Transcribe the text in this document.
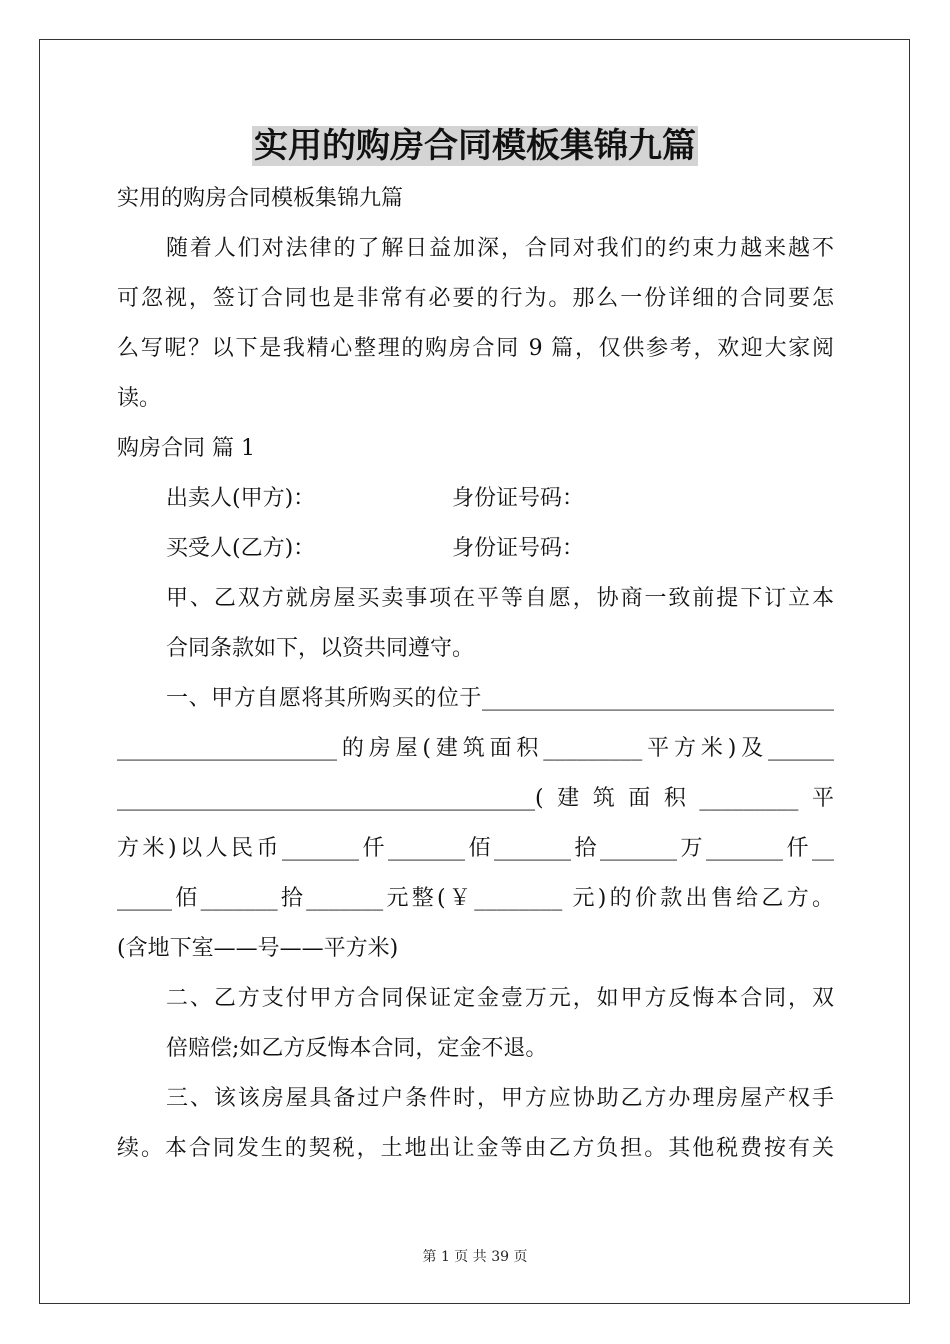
实用的购房合同模板集锦九篇
实用的购房合同模板集锦九篇
随着人们对法律的了解日益加深，合同对我们的约束力越来越不
可忽视，签订合同也是非常有必要的行为。那么一份详细的合同要怎
么写呢？以下是我精心整理的购房合同 9 篇，仅供参考，欢迎大家阅
读。
购房合同 篇 1
出卖人(甲方)：	身份证号码：
买受人(乙方)：	身份证号码：
甲、乙双方就房屋买卖事项在平等自愿，协商一致前提下订立本
合同条款如下，以资共同遵守。
一、甲方自愿将其所购买的位于________________________________
____________________的房屋(建筑面积_________平方米)及______
______________________________________(建筑面积_________平
方米)以人民币_______仟_______佰_______拾_______万_______仟__
_____佰_______拾_______元整(￥________ 元)的价款出售给乙方。
(含地下室——号——平方米)
二、乙方支付甲方合同保证定金壹万元，如甲方反悔本合同，双
倍赔偿;如乙方反悔本合同，定金不退。
三、该该房屋具备过户条件时，甲方应协助乙方办理房屋产权手
续。本合同发生的契税，土地出让金等由乙方负担。其他税费按有关
第 1 页 共 39 页
